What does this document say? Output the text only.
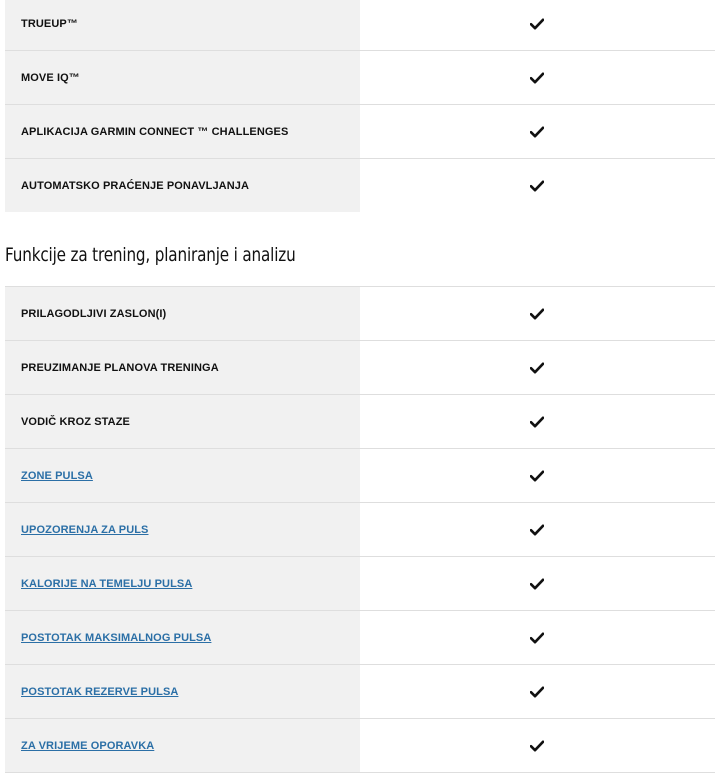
TRUEUP™
MOVE IQ™
APLIKACIJA GARMIN CONNECT ™ CHALLENGES
AUTOMATSKO PRAĆENJE PONAVLJANJA
Funkcije za trening, planiranje i analizu
PRILAGODLJIVI ZASLON(I)
PREUZIMANJE PLANOVA TRENINGA
VODIČ KROZ STAZE
ZONE PULSA
UPOZORENJA ZA PULS
KALORIJE NA TEMELJU PULSA
POSTOTAK MAKSIMALNOG PULSA
POSTOTAK REZERVE PULSA
ZA VRIJEME OPORAVKA
